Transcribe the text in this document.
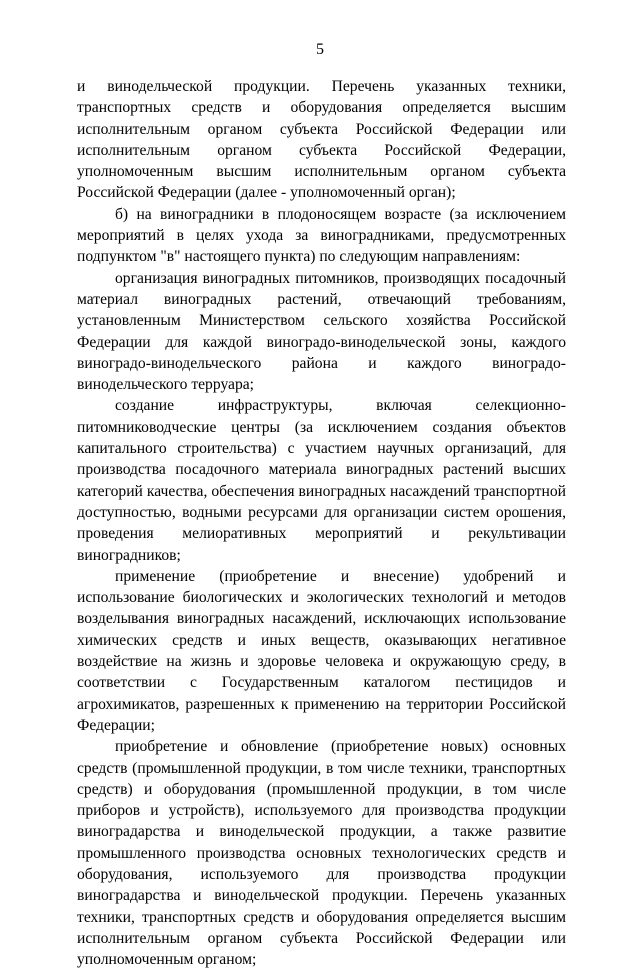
5

и винодельческой продукции. Перечень указанных техники, транспортных средств и оборудования определяется высшим исполнительным органом субъекта Российской Федерации или исполнительным органом субъекта Российской Федерации, уполномоченным высшим исполнительным органом субъекта Российской Федерации (далее - уполномоченный орган);

б) на виноградники в плодоносящем возрасте (за исключением мероприятий в целях ухода за виноградниками, предусмотренных подпунктом "в" настоящего пункта) по следующим направлениям:

организация виноградных питомников, производящих посадочный материал виноградных растений, отвечающий требованиям, установленным Министерством сельского хозяйства Российской Федерации для каждой виноградо-винодельческой зоны, каждого виноградо-винодельческого района и каждого виноградо-винодельческого терруара;

создание инфраструктуры, включая селекционно-питомниководческие центры (за исключением создания объектов капитального строительства) с участием научных организаций, для производства посадочного материала виноградных растений высших категорий качества, обеспечения виноградных насаждений транспортной доступностью, водными ресурсами для организации систем орошения, проведения мелиоративных мероприятий и рекультивации виноградников;

применение (приобретение и внесение) удобрений и использование биологических и экологических технологий и методов возделывания виноградных насаждений, исключающих использование химических средств и иных веществ, оказывающих негативное воздействие на жизнь и здоровье человека и окружающую среду, в соответствии с Государственным каталогом пестицидов и агрохимикатов, разрешенных к применению на территории Российской Федерации;

приобретение и обновление (приобретение новых) основных средств (промышленной продукции, в том числе техники, транспортных средств) и оборудования (промышленной продукции, в том числе приборов и устройств), используемого для производства продукции виноградарства и винодельческой продукции, а также развитие промышленного производства основных технологических средств и оборудования, используемого для производства продукции виноградарства и винодельческой продукции. Перечень указанных техники, транспортных средств и оборудования определяется высшим исполнительным органом субъекта Российской Федерации или уполномоченным органом;
